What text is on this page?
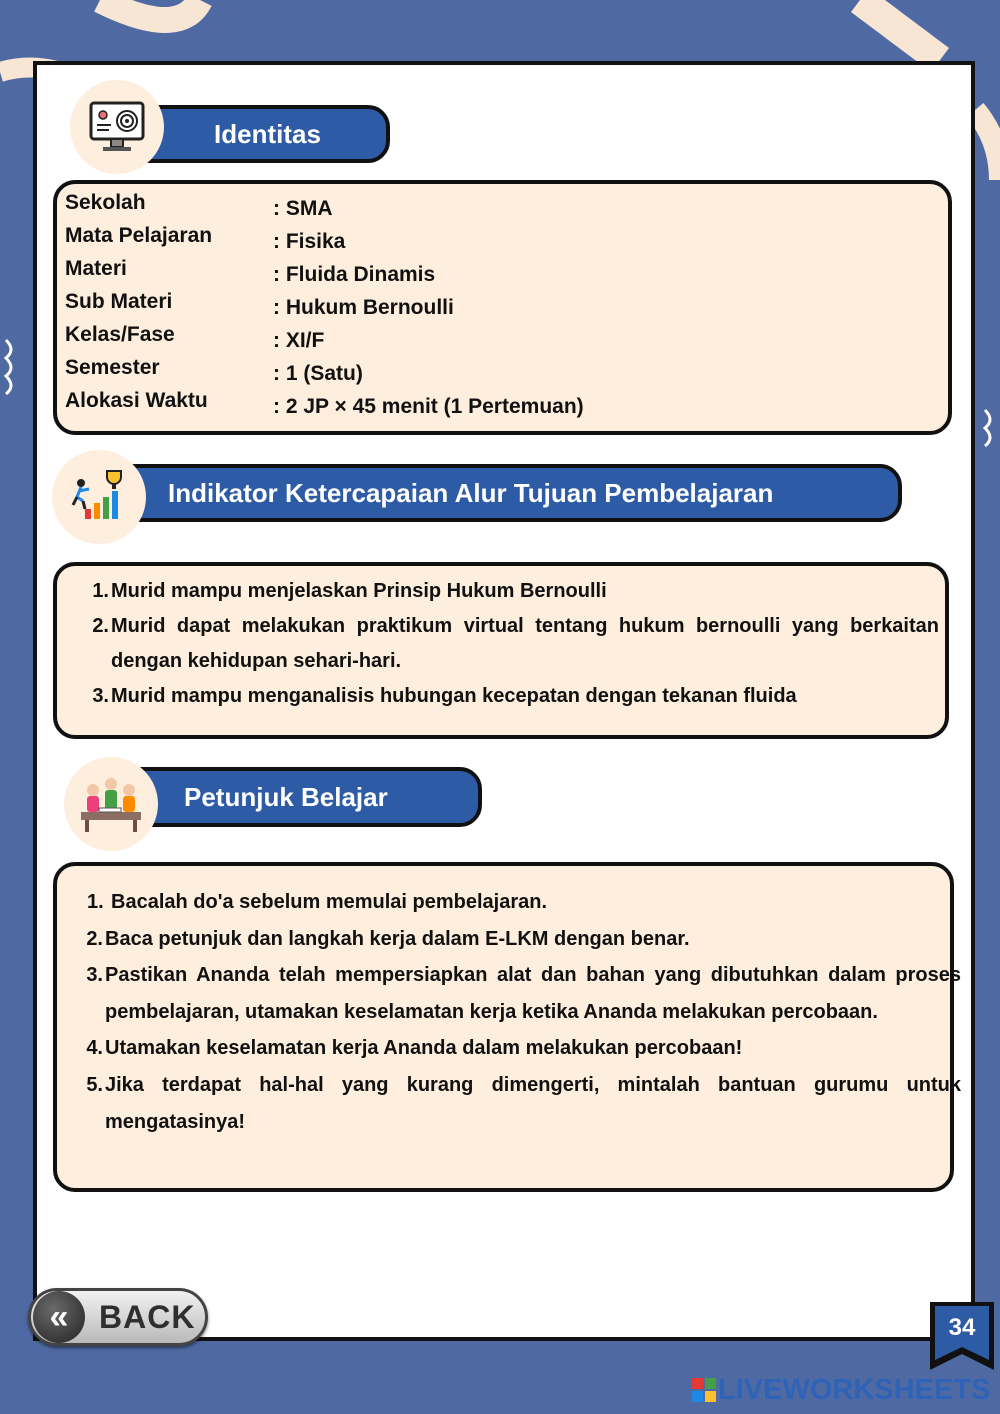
Identitas
Sekolah	: SMA
Mata Pelajaran	: Fisika
Materi	: Fluida Dinamis
Sub Materi	: Hukum Bernoulli
Kelas/Fase	: XI/F
Semester	: 1 (Satu)
Alokasi Waktu	: 2 JP × 45 menit (1 Pertemuan)
Indikator Ketercapaian Alur Tujuan Pembelajaran
1. Murid mampu menjelaskan Prinsip Hukum Bernoulli
2. Murid dapat melakukan praktikum virtual tentang hukum bernoulli yang berkaitan dengan kehidupan sehari-hari.
3. Murid mampu menganalisis hubungan kecepatan dengan tekanan fluida
Petunjuk Belajar
1. Bacalah do'a sebelum memulai pembelajaran.
2. Baca petunjuk dan langkah kerja dalam E-LKM dengan benar.
3. Pastikan Ananda telah mempersiapkan alat dan bahan yang dibutuhkan dalam proses pembelajaran, utamakan keselamatan kerja ketika Ananda melakukan percobaan.
4. Utamakan keselamatan kerja Ananda dalam melakukan percobaan!
5. Jika terdapat hal-hal yang kurang dimengerti, mintalah bantuan gurumu untuk mengatasinya!
« BACK	34
LIVEWORKSHEETS
